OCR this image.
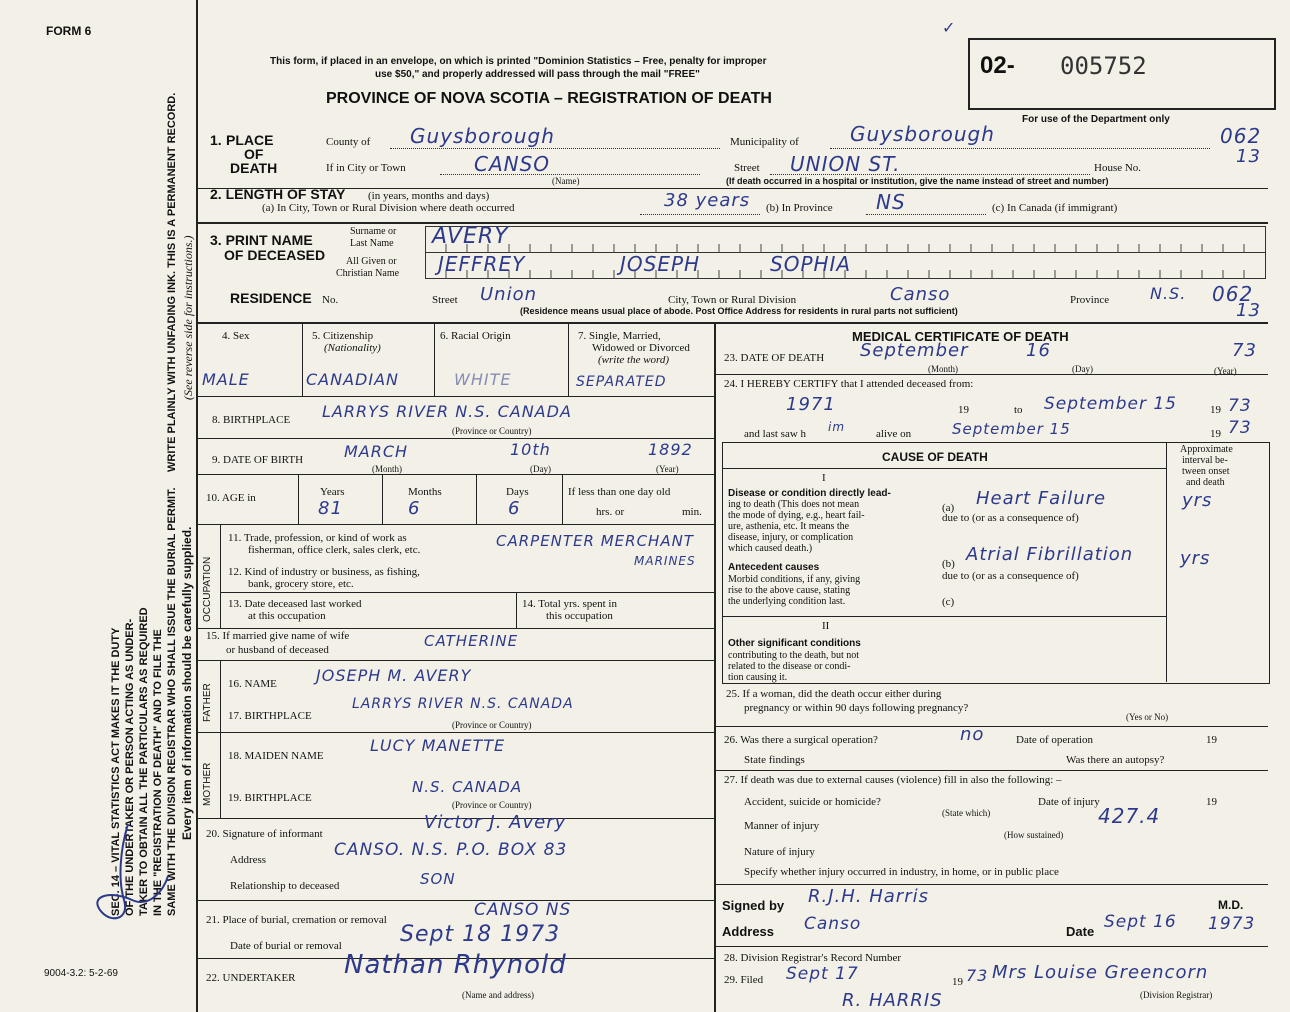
FORM 6
This form, if placed in an envelope, on which is printed "Dominion Statistics – Free, penalty for improper
use $50," and properly addressed will pass through the mail "FREE"
PROVINCE OF NOVA SCOTIA – REGISTRATION OF DEATH
02- 005752
✓
For use of the Department only
SEC. 14 – VITAL STATISTICS ACT MAKES IT THE DUTY OF THE UNDERTAKER OR PERSON ACTING AS UNDER- TAKER TO OBTAIN ALL THE PARTICULARS AS REQUIRED IN THE "REGISTRATION OF DEATH" AND TO FILE THE SAME WITH THE DIVISION REGISTRAR WHO SHALL ISSUE THE BURIAL PERMIT.
WRITE PLAINLY WITH UNFADING INK. THIS IS A PERMANENT RECORD.
Every item of information should be carefully supplied.
(See reverse side for instructions.)
9004-3.2: 5-2-69
1. PLACE
OF
DEATH
County of Guysborough	Municipality of	Guysborough	062
13
If in City or Town	CANSO
(Name)
Street UNION ST.	House No.
(If death occurred in a hospital or institution, give the name instead of street and number)
2. LENGTH OF STAY (in years, months and days)
(a) In City, Town or Rural Division where death occurred	38 years (b) In Province NS	(c) In Canada (if immigrant)
3. PRINT NAME
OF DECEASED
Surname or
Last Name
All Given or
Christian Name
AVERY
JEFFREY	JOSEPH	SOPHIA
RESIDENCE No.	Street Union	City, Town or Rural Division	Canso	Province	N.S. 062
13
(Residence means usual place of abode. Post Office Address for residents in rural parts not sufficient)
4. Sex	5. Citizenship
(Nationality)
6. Racial Origin	7. Single, Married,
Widowed or Divorced
(write the word)
MALE	CANADIAN	WHITE	SEPARATED
8. BIRTHPLACE LARRYS RIVER N.S. CANADA
(Province or Country)
9. DATE OF BIRTH	MARCH	10th	1892
(Month)	(Day)	(Year)
10. AGE in	Years	Months	Days	If less than one day old
hrs. or	min.
81	6	6
OCCUPATION
11. Trade, profession, or kind of work as
fisherman, office clerk, sales clerk, etc.	CARPENTER MERCHANT
MARINES
12. Kind of industry or business, as fishing,
bank, grocery store, etc.
13. Date deceased last worked
at this occupation
14. Total yrs. spent in
this occupation
15. If married give name of wife
or husband of deceased	CATHERINE
FATHER 16. NAME JOSEPH M. AVERY
17. BIRTHPLACE
LARRYS RIVER N.S. CANADA
(Province or Country)
MOTHER
18. MAIDEN NAME
LUCY MANETTE
19. BIRTHPLACE
N.S. CANADA
(Province or Country)
20. Signature of informant
Victor J. Avery
Address	CANSO. N.S. P.O. BOX 83
Relationship to deceased	SON
21. Place of burial, cremation or removal	CANSO NS
Date of burial or removal	Sept 18 1973
22. UNDERTAKER Nathan Rhynold
(Name and address)
MEDICAL CERTIFICATE OF DEATH
23. DATE OF DEATH September	16	73
(Month)	(Day)	(Year)
24. I HEREBY CERTIFY that I attended deceased from:
1971	19	to September 15	19 73
and last saw h im	alive on	September 15	19 73
CAUSE OF DEATH
Approximate
interval be-
tween onset
and death
I
Disease or condition directly lead-
ing to death (This does not mean
the mode of dying, e.g., heart fail-
ure, asthenia, etc. It means the
disease, injury, or complication
which caused death.)
(a) Heart Failure	yrs
due to (or as a consequence of)
Antecedent causes
Morbid conditions, if any, giving
rise to the above cause, stating
the underlying condition last.
(b) Atrial Fibrillation	yrs
due to (or as a consequence of)
(c)
II
Other significant conditions
contributing to the death, but not
related to the disease or condi-
tion causing it.
25. If a woman, did the death occur either during
pregnancy or within 90 days following pregnancy?
(Yes or No)
26. Was there a surgical operation?	no	Date of operation	19
State findings	Was there an autopsy?
27. If death was due to external causes (violence) fill in also the following: –
Accident, suicide or homicide?	Date of injury	19
(State which)
Manner of injury	427.4
(How sustained)
Nature of injury
Specify whether injury occurred in industry, in home, or in public place
Signed by R.J.H. Harris	M.D.
Address Canso	Date Sept 16 1973
28. Division Registrar's Record Number
29. Filed Sept 17	19 73 Mrs Louise Greencorn
(Division Registrar)
R. HARRIS
